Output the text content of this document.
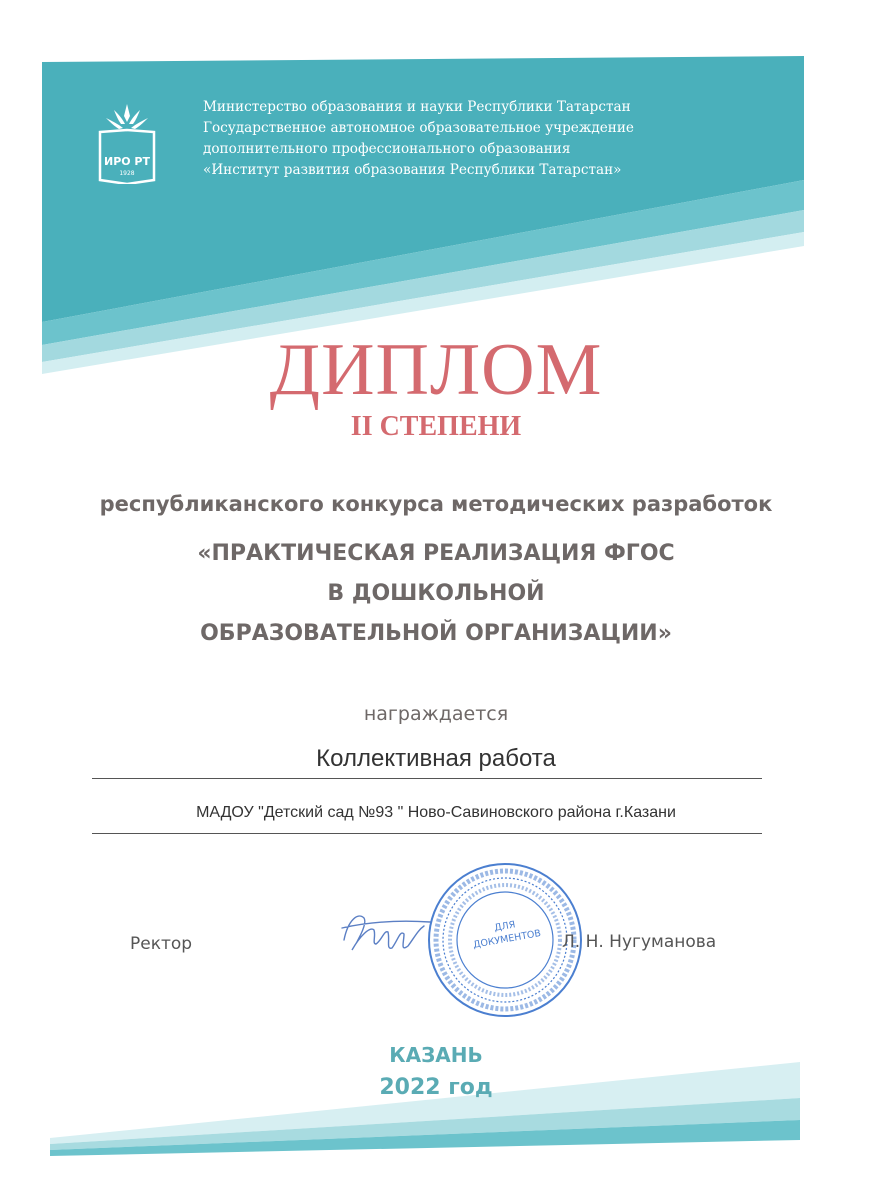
ИРО РТ
1928
Министерство образования и науки Республики Татарстан
Государственное автономное образовательное учреждение
дополнительного профессионального образования
«Институт развития образования Республики Татарстан»
ДИПЛОМ
II СТЕПЕНИ
республиканского конкурса методических разработок
«ПРАКТИЧЕСКАЯ РЕАЛИЗАЦИЯ ФГОС
В ДОШКОЛЬНОЙ
ОБРАЗОВАТЕЛЬНОЙ ОРГАНИЗАЦИИ»
награждается
Коллективная работа
МАДОУ "Детский сад №93 " Ново-Савиновского района г.Казани
Ректор
ДЛЯ ДОКУМЕНТОВ Л. Н. Нугуманова
КАЗАНЬ
2022 год
